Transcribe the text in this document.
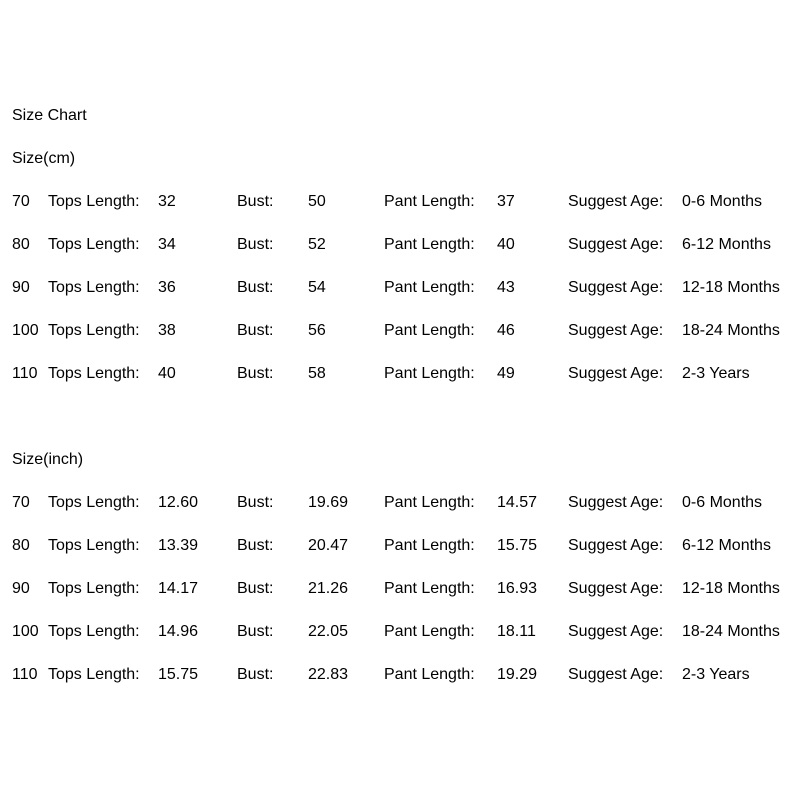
Size Chart
Size(cm)
70 Tops Length: 32	Bust: 50	Pant Length: 37	Suggest Age: 0-6 Months
80 Tops Length: 34	Bust: 52	Pant Length: 40	Suggest Age: 6-12 Months
90 Tops Length: 36	Bust: 54	Pant Length: 43	Suggest Age: 12-18 Months
100 Tops Length: 38	Bust: 56	Pant Length: 46	Suggest Age: 18-24 Months
110 Tops Length: 40	Bust: 58	Pant Length: 49	Suggest Age: 2-3 Years
Size(inch)
70 Tops Length: 12.60 Bust: 19.69 Pant Length: 14.57 Suggest Age: 0-6 Months
80 Tops Length: 13.39 Bust: 20.47 Pant Length: 15.75 Suggest Age: 6-12 Months
90 Tops Length: 14.17 Bust: 21.26 Pant Length: 16.93 Suggest Age: 12-18 Months
100 Tops Length: 14.96 Bust: 22.05 Pant Length: 18.11 Suggest Age: 18-24 Months
110 Tops Length: 15.75 Bust: 22.83 Pant Length: 19.29 Suggest Age: 2-3 Years
